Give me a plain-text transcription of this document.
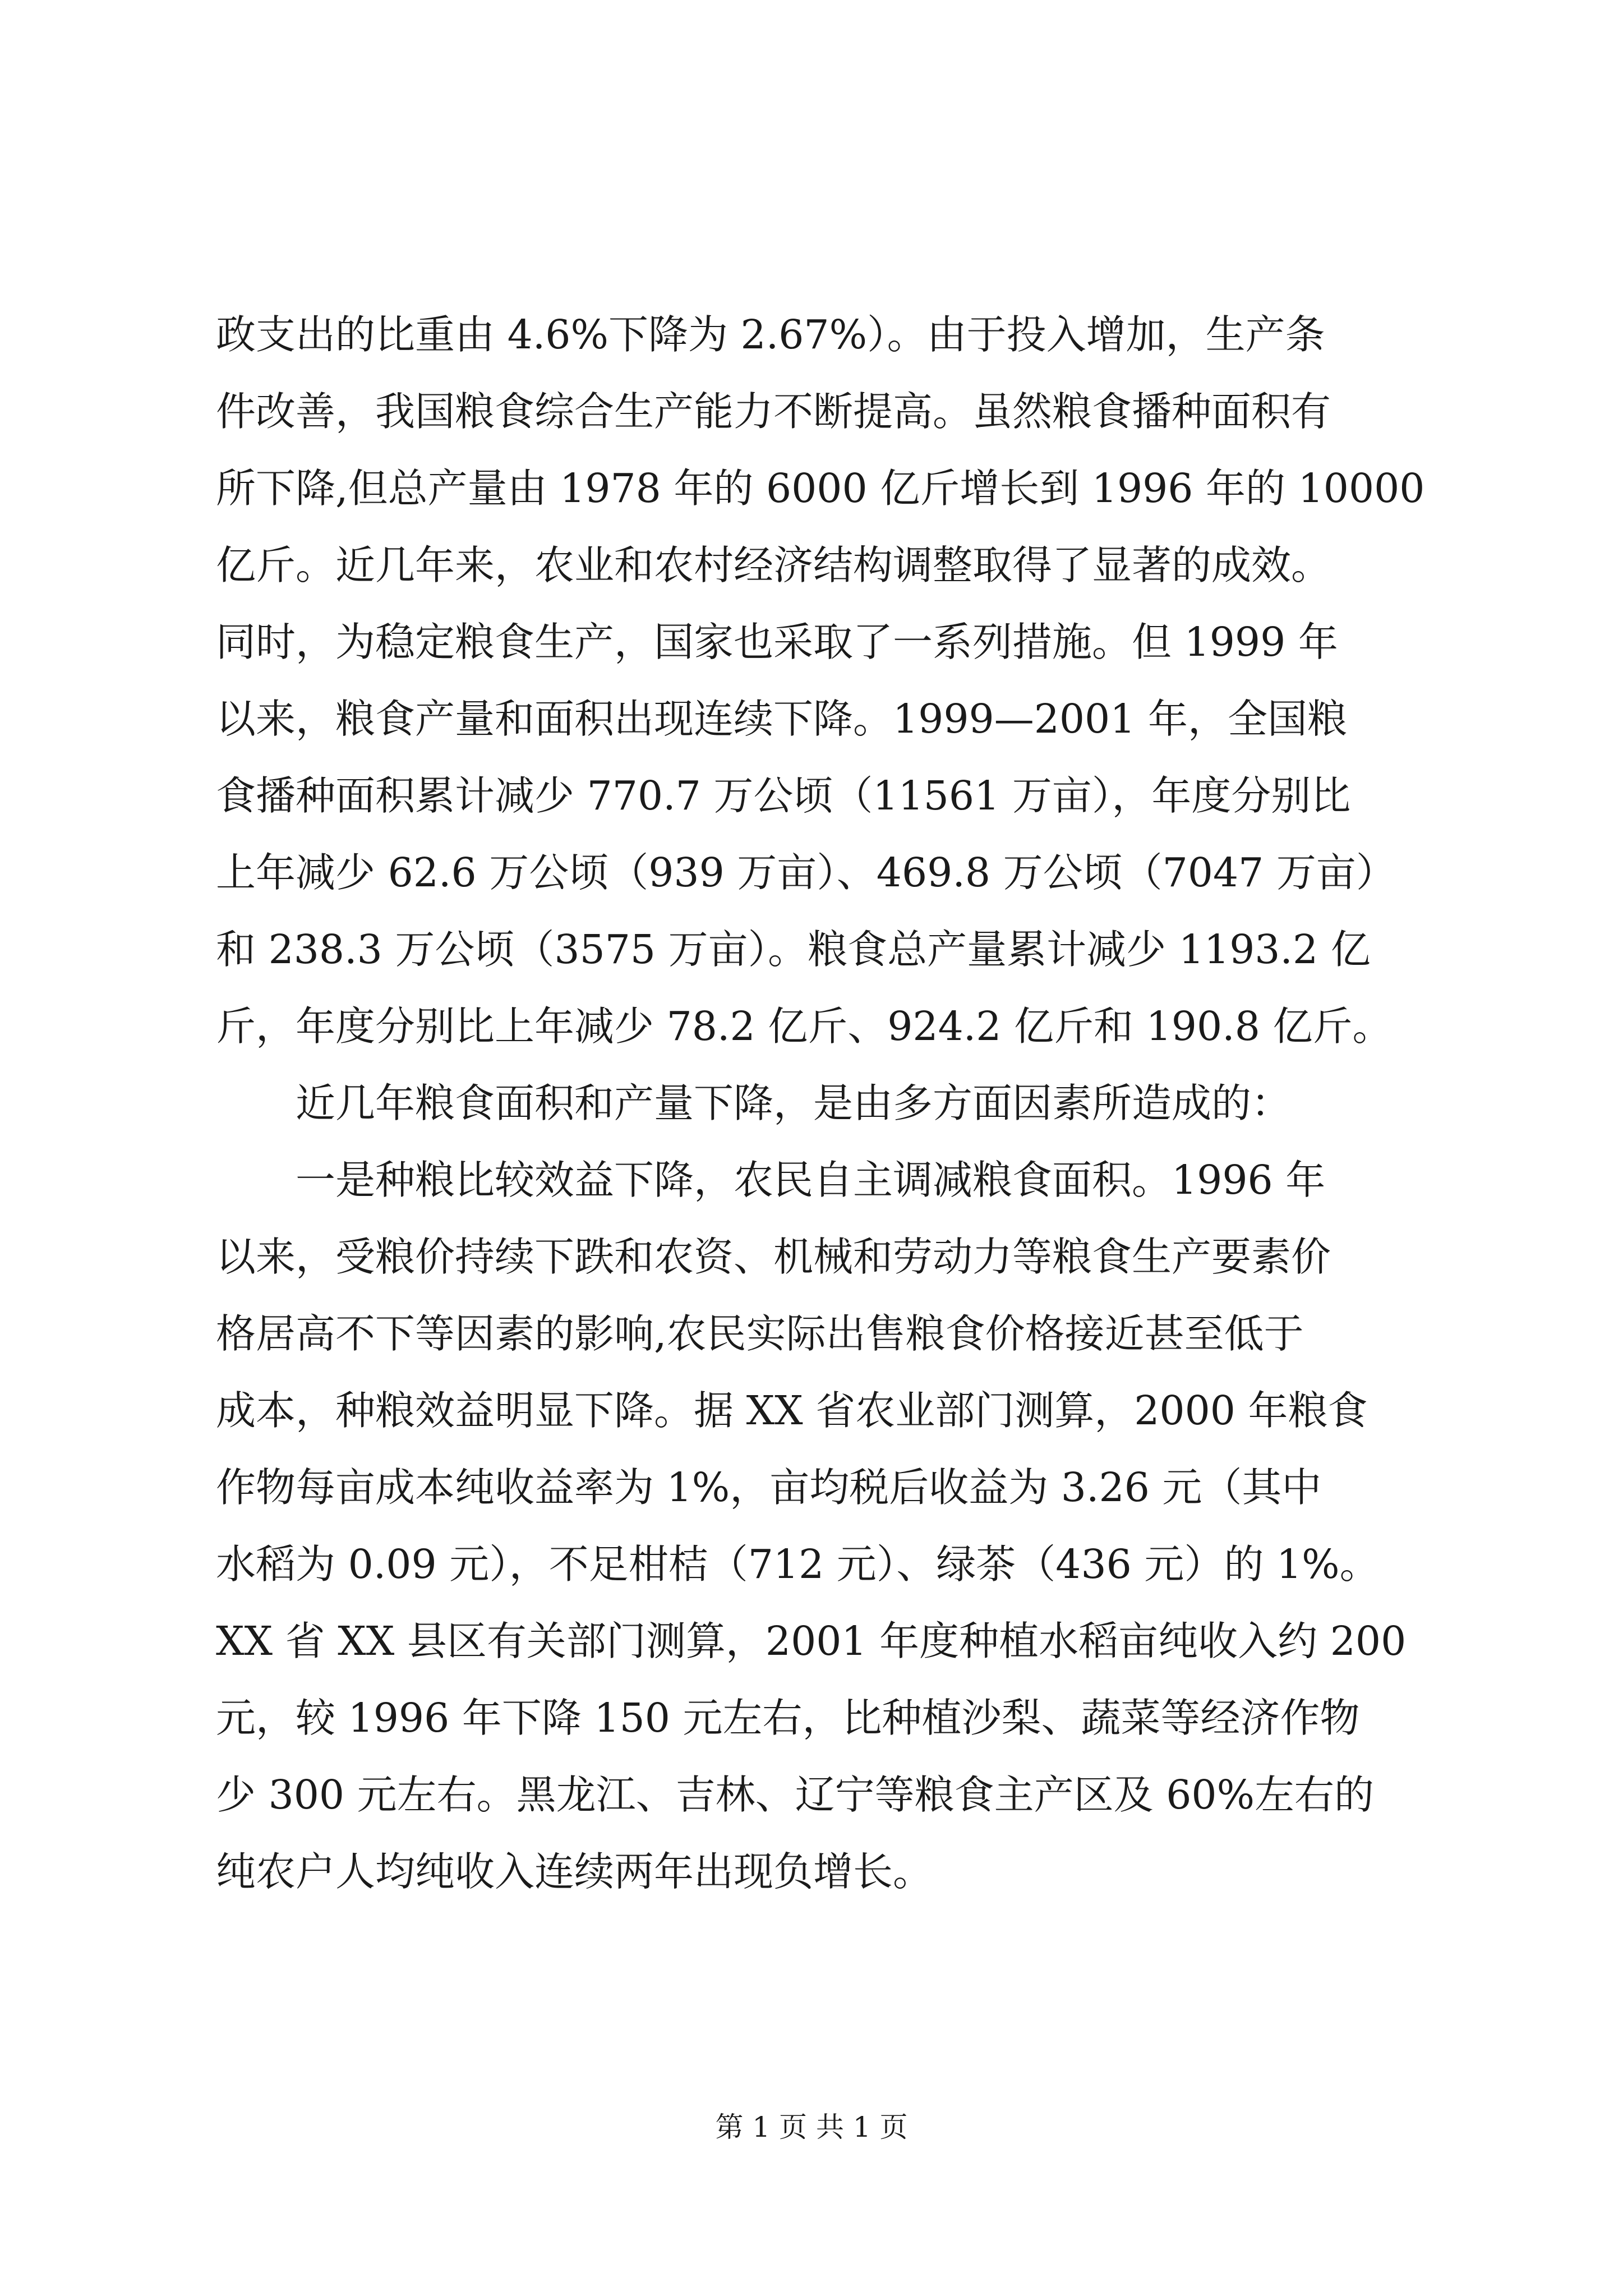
政支出的比重由 4.6%下降为 2.67%）。由于投入增加，生产条
件改善，我国粮食综合生产能力不断提高。虽然粮食播种面积有
所下降,但总产量由 1978 年的 6000 亿斤增长到 1996 年的 10000
亿斤。近几年来，农业和农村经济结构调整取得了显著的成效。
同时，为稳定粮食生产，国家也采取了一系列措施。但 1999 年
以来，粮食产量和面积出现连续下降。1999—2001 年，全国粮
食播种面积累计减少 770.7 万公顷（11561 万亩），年度分别比
上年减少 62.6 万公顷（939 万亩）、469.8 万公顷（7047 万亩）
和 238.3 万公顷（3575 万亩）。粮食总产量累计减少 1193.2 亿
斤，年度分别比上年减少 78.2 亿斤、924.2 亿斤和 190.8 亿斤。
近几年粮食面积和产量下降，是由多方面因素所造成的：
一是种粮比较效益下降，农民自主调减粮食面积。1996 年
以来，受粮价持续下跌和农资、机械和劳动力等粮食生产要素价
格居高不下等因素的影响,农民实际出售粮食价格接近甚至低于
成本，种粮效益明显下降。据 XX 省农业部门测算，2000 年粮食
作物每亩成本纯收益率为 1%，亩均税后收益为 3.26 元（其中
水稻为 0.09 元），不足柑桔（712 元）、绿茶（436 元）的 1%。
XX 省 XX 县区有关部门测算，2001 年度种植水稻亩纯收入约 200
元，较 1996 年下降 150 元左右，比种植沙梨、蔬菜等经济作物
少 300 元左右。黑龙江、吉林、辽宁等粮食主产区及 60%左右的
纯农户人均纯收入连续两年出现负增长。
第 1 页 共 1 页
